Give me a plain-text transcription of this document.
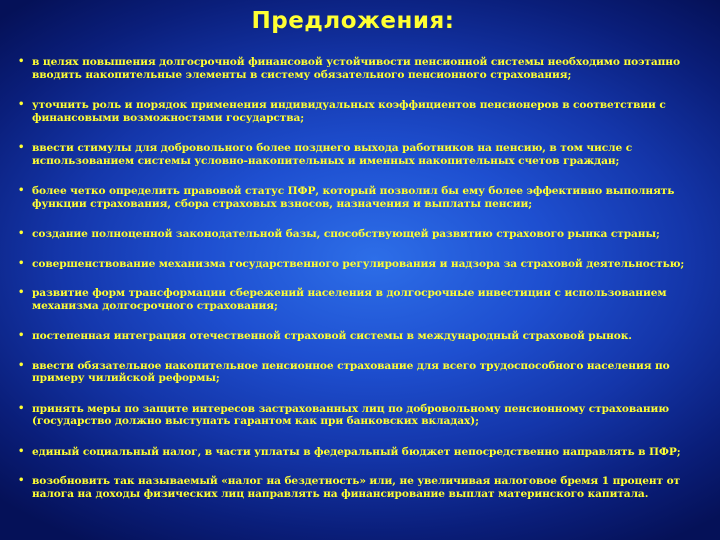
Предложения:
• в целях повышения долгосрочной финансовой устойчивости пенсионной системы необходимо поэтапно вводить накопительные элементы в систему обязательного пенсионного страхования;
• уточнить роль и порядок применения индивидуальных коэффициентов пенсионеров в соответствии с финансовыми возможностями государства;
• ввести стимулы для добровольного более позднего выхода работников на пенсию, в том числе с использованием системы условно-накопительных и именных накопительных счетов граждан;
• более четко определить правовой статус ПФР, который позволил бы ему более эффективно выполнять функции страхования, сбора страховых взносов, назначения и выплаты пенсии;
• создание полноценной законодательной базы, способствующей развитию страхового рынка страны;
• совершенствование механизма государственного регулирования и надзора за страховой деятельностью;
• развитие форм трансформации сбережений населения в долгосрочные инвестиции с использованием механизма долгосрочного страхования;
• постепенная интеграция отечественной страховой системы в международный страховой рынок.
• ввести обязательное накопительное пенсионное страхование для всего трудоспособного населения по примеру чилийской реформы;
• принять меры по защите интересов застрахованных лиц по добровольному пенсионному страхованию (государство должно выступать гарантом как при банковских вкладах);
• единый социальный налог, в части уплаты в федеральный бюджет непосредственно направлять в ПФР;
• возобновить так называемый «налог на бездетность» или, не увеличивая налоговое бремя 1 процент от налога на доходы физических лиц направлять на финансирование выплат материнского капитала.
